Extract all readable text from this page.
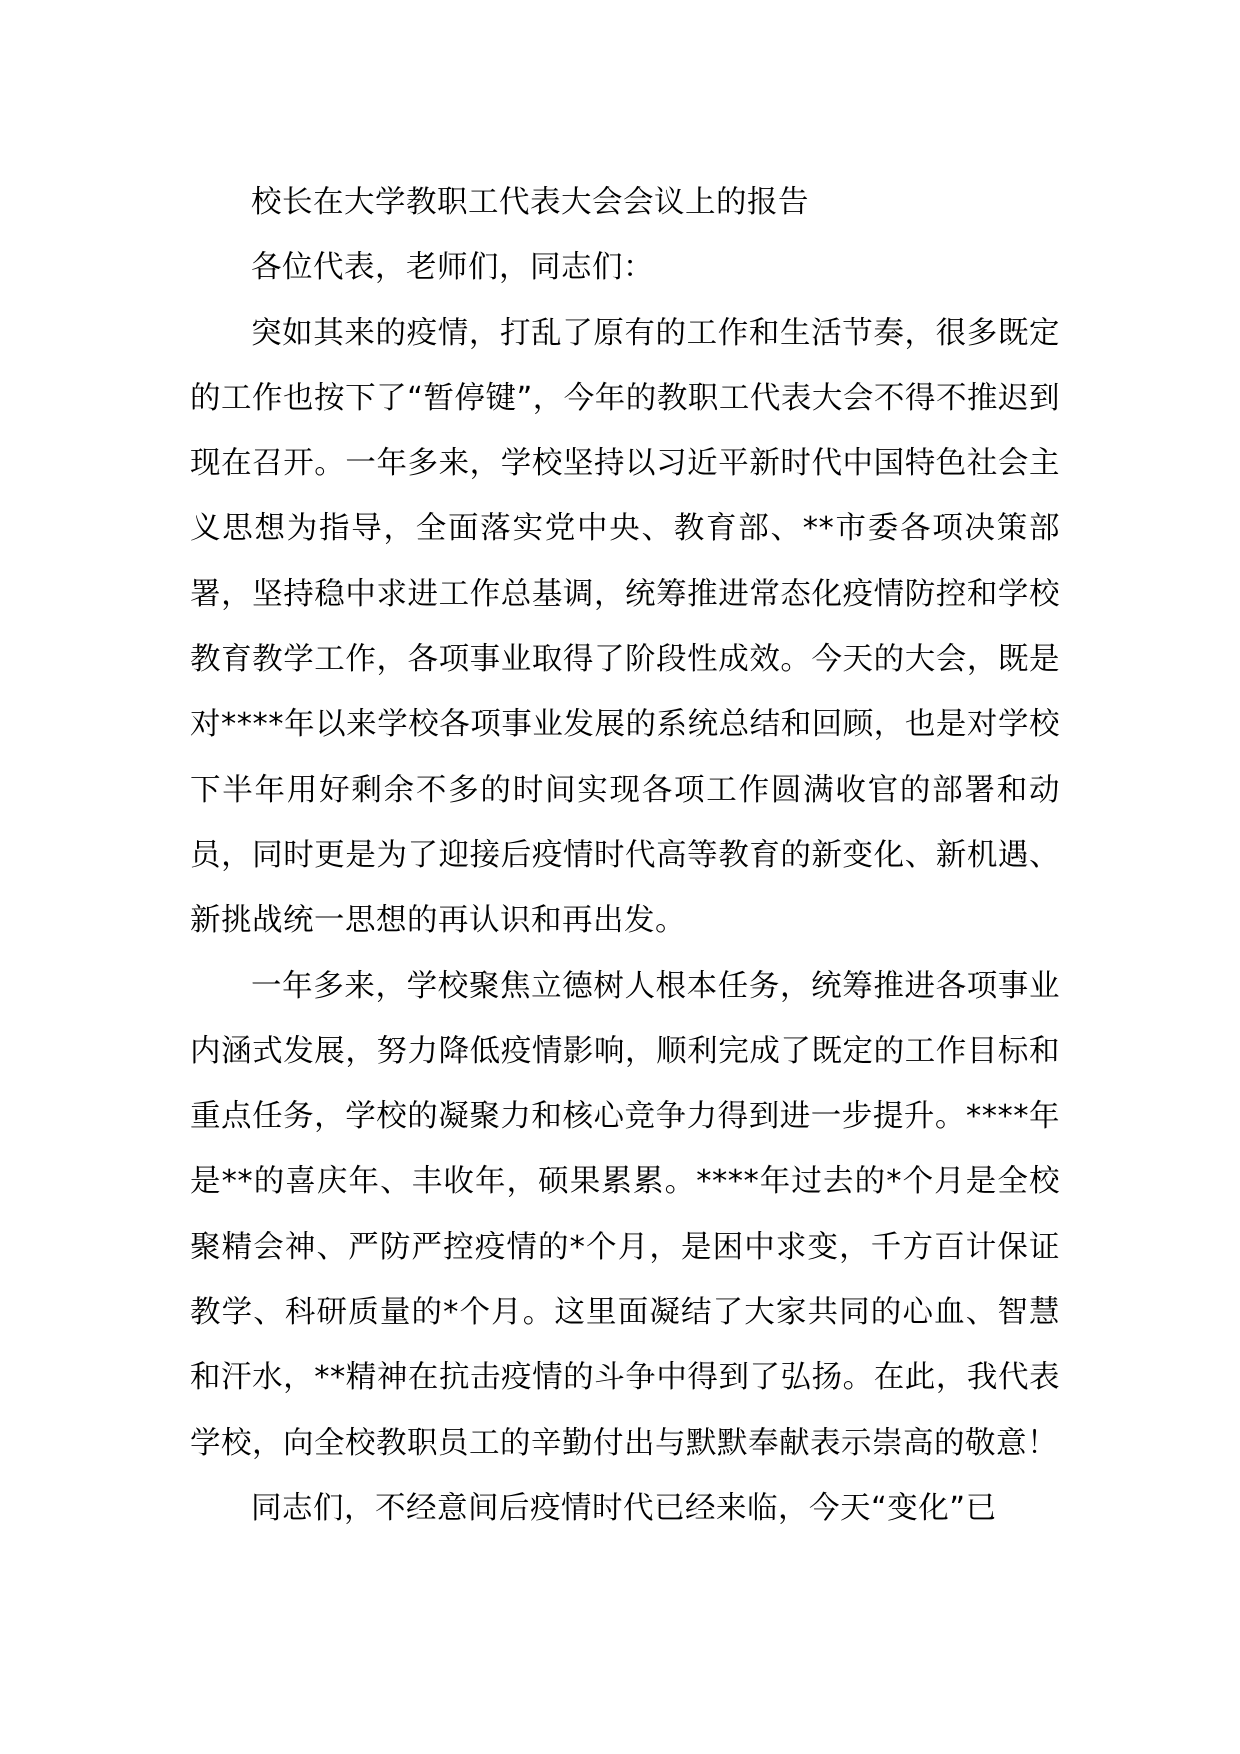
校长在大学教职工代表大会会议上的报告

各位代表，老师们，同志们：

突如其来的疫情，打乱了原有的工作和生活节奏，很多既定的工作也按下了“暂停键”，今年的教职工代表大会不得不推迟到现在召开。一年多来，学校坚持以习近平新时代中国特色社会主义思想为指导，全面落实党中央、教育部、**市委各项决策部署，坚持稳中求进工作总基调，统筹推进常态化疫情防控和学校教育教学工作，各项事业取得了阶段性成效。今天的大会，既是对****年以来学校各项事业发展的系统总结和回顾，也是对学校下半年用好剩余不多的时间实现各项工作圆满收官的部署和动员，同时更是为了迎接后疫情时代高等教育的新变化、新机遇、新挑战统一思想的再认识和再出发。

一年多来，学校聚焦立德树人根本任务，统筹推进各项事业内涵式发展，努力降低疫情影响，顺利完成了既定的工作目标和重点任务，学校的凝聚力和核心竞争力得到进一步提升。****年是**的喜庆年、丰收年，硕果累累。****年过去的*个月是全校聚精会神、严防严控疫情的*个月，是困中求变，千方百计保证教学、科研质量的*个月。这里面凝结了大家共同的心血、智慧和汗水，**精神在抗击疫情的斗争中得到了弘扬。在此，我代表学校，向全校教职员工的辛勤付出与默默奉献表示崇高的敬意！

同志们，不经意间后疫情时代已经来临，今天“变化”已
